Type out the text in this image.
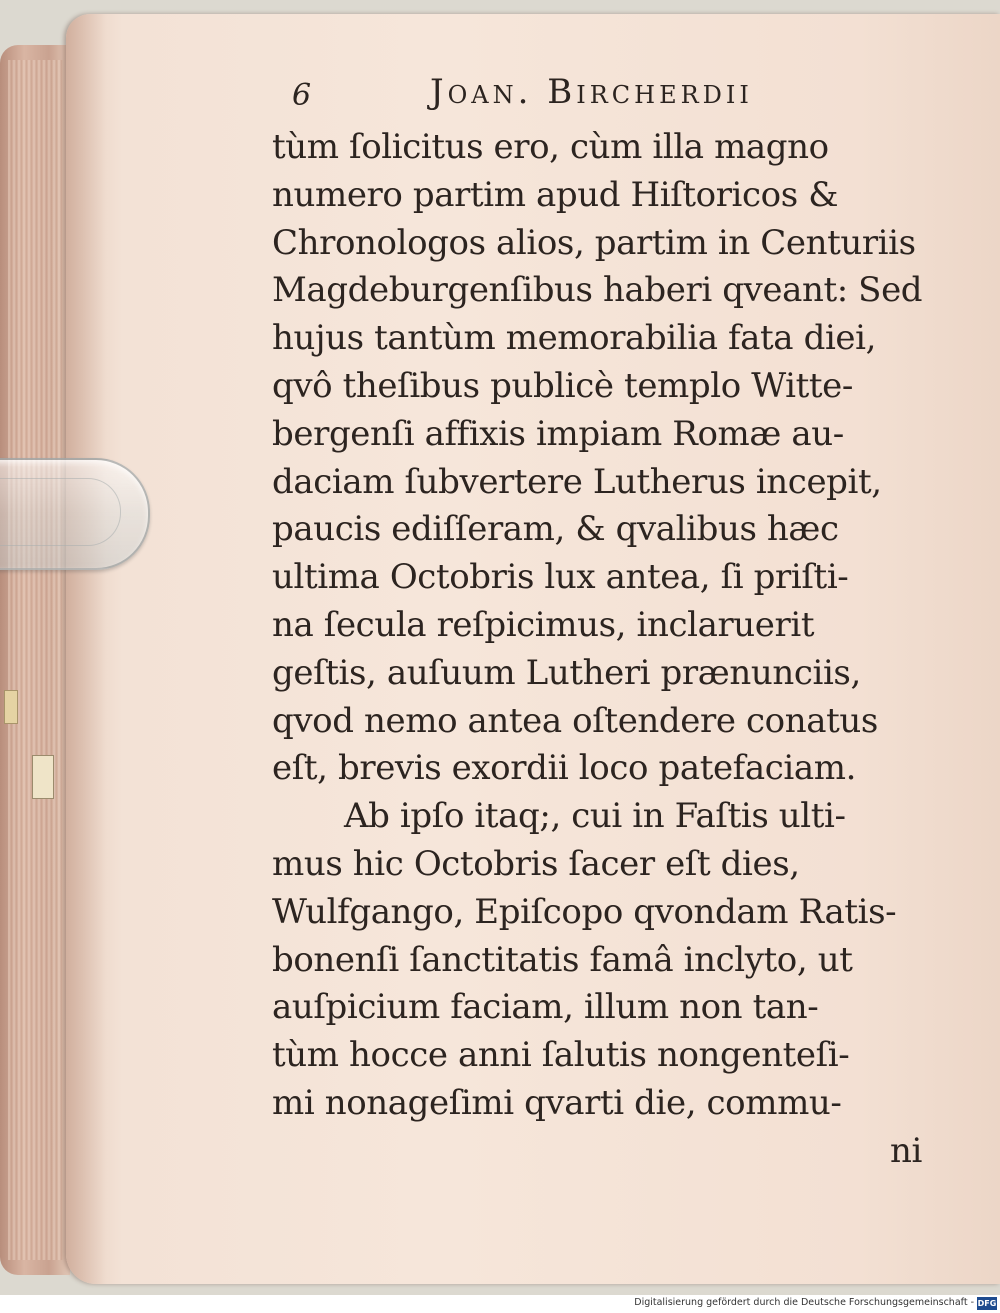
6	Joan. Bircherdii
tùm ſolicitus ero, cùm illa magno
numero partim apud Hiſtoricos &
Chronologos alios, partim in Centuriis
Magdeburgenſibus haberi qveant: Sed
hujus tantùm memorabilia fata diei,
qvô theſibus publicè templo Witte-
bergenſi affixis impiam Romæ au-
daciam ſubvertere Lutherus incepit,
paucis ediſſeram, & qvalibus hæc
ultima Octobris lux antea, ſi priſti-
na ſecula reſpicimus, inclaruerit
geſtis, auſuum Lutheri prænunciis,
qvod nemo antea oſtendere conatus
eſt, brevis exordii loco patefaciam.
Ab ipſo itaq;, cui in Faſtis ulti-
mus hic Octobris ſacer eſt dies,
Wulfgango, Epiſcopo qvondam Ratis-
bonenſi ſanctitatis famâ inclyto, ut
auſpicium faciam, illum non tan-
tùm hocce anni ſalutis nongenteſi-
mi nonageſimi qvarti die, commu-
ni
Digitalisierung gefördert durch die Deutsche Forschungsgemeinschaft - DFG
